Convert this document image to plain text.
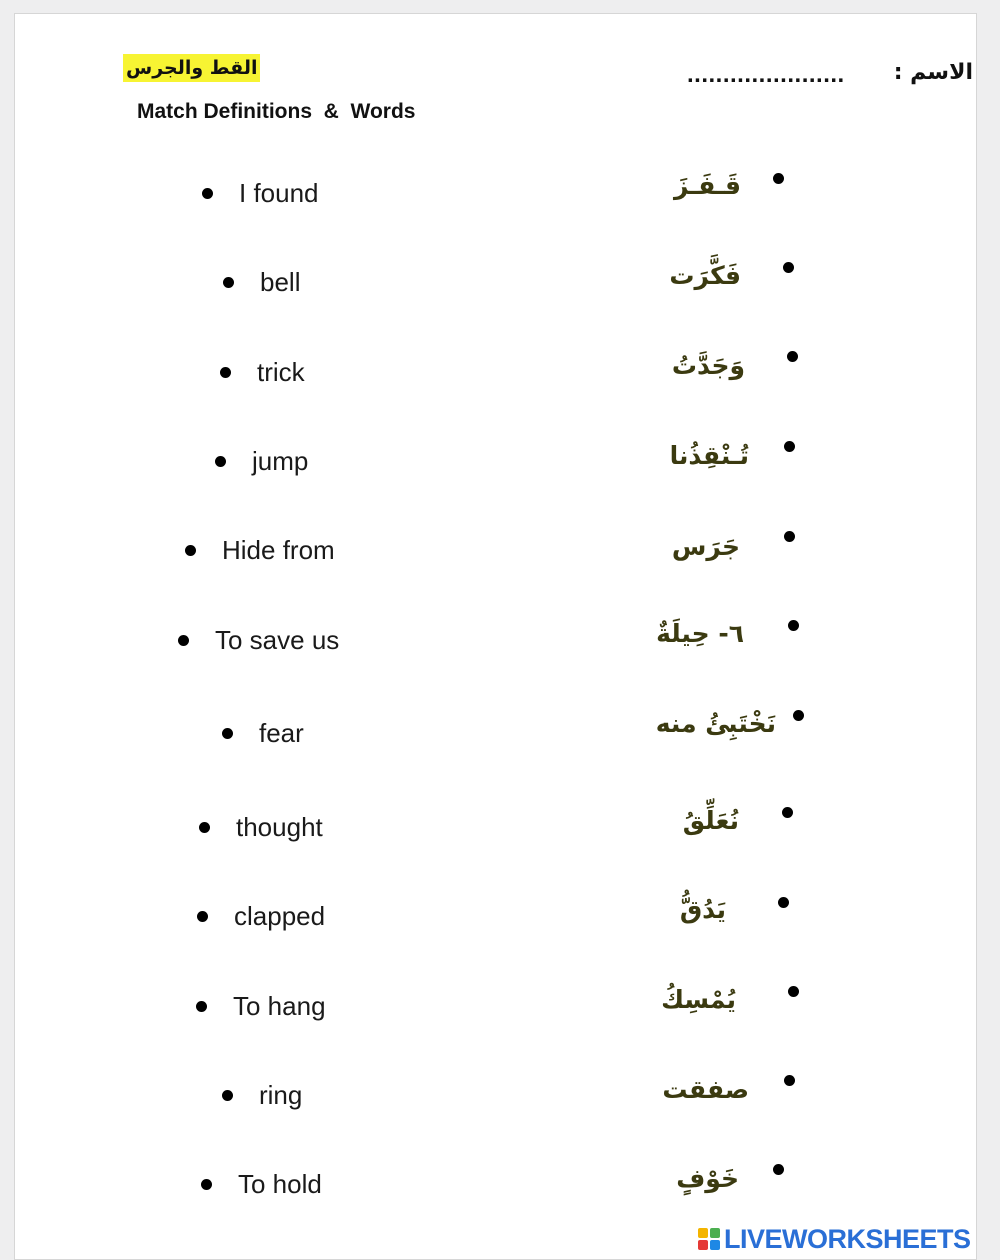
القط والجرس
Match Definitions  &  Words
...................... الاسم :
I found
bell
trick
jump
Hide from
To save us
fear
thought
clapped
To hang
ring
To hold
قَـفَـزَ
فَكَّرَت
وَجَدَّتُ
تُـنْقِذُنا
جَرَس
٦- حِيلَةٌ
نَخْتَبِئُ منه
نُعَلِّقُ
يَدُقُّ
يُمْسِكُ
صفقت
خَوْفٍ
LIVEWORKSHEETS
